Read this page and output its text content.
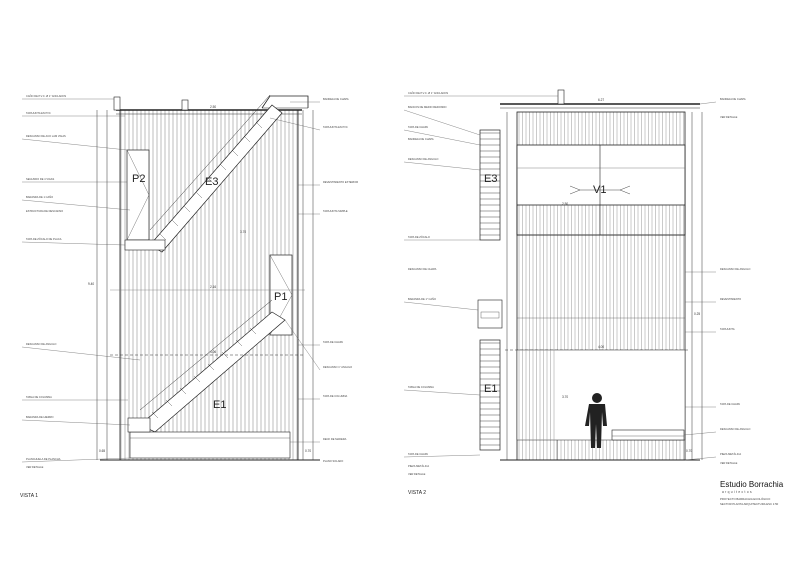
P2	E3
E1
P1
2.50
4.06
9.40
2.16
3.70
0.65	0.70
CAÑO DE P.V.C. Ø 1" ANCLADOS
TAPAJUNTA EN PVC
DESCANSO DE ACO LAM VIGAS
SEGUNDO DE 4 VIGAS
BARANDA DE 1 CAÑO
ESTRUCTURA DE DESCANSO
TAPA DE ZÓCALO DE PLACA
DESCANSO DE ANGULO
TABLA DE COLUMNA
BARANDA DE HIERRO
PLANCHUELA DE PLANCHA
VER DETALLE
BANDEJA DE CHAPA
TAPAJUNTA EN PVC
REVESTIMIENTO EXTERIOR
TAPAJUNTA SIMPLE
TAPA DE CHAPA
DESCANSO 1" ANGULO
TAPA DE COLUMNA
DECK DE MADERA
PLANO SOLADO
VISTA 1
E3
V1
E1
6.27
4.00
0.25
2.50
3.70
0.70
CAÑO DE P.V.C. Ø 1" ANCLADOS
BANCOS DE MEDIO REDONDO
TAPA DE CHAPA
BANDEJA DE CHAPA
DESCANSO DE ANGULO
TAPA DE ZÓCALO
DESCANSO DE CHAPA
BARANDA DE 1" CAÑO
TABLA DE COLUMNA
TAPA DE CHAPA
PIEZA METÁLICA
VER DETALLE
BANDEJA DE CHAPA
VER DETALLE
DESCANSO DE ANGULO
REVESTIMIENTO
TAPAJUNTA
TAPA DE CHAPA
DESCANSO DE ANGULO
PIEZA METÁLICA
VER DETALLE
VISTA 2
Estudio Borrachia
arquitectos
PROYECTO BARRACHIA ECOLÓGICO
SECTOR PLANTA ARQUITECTURA ESC 1:50
